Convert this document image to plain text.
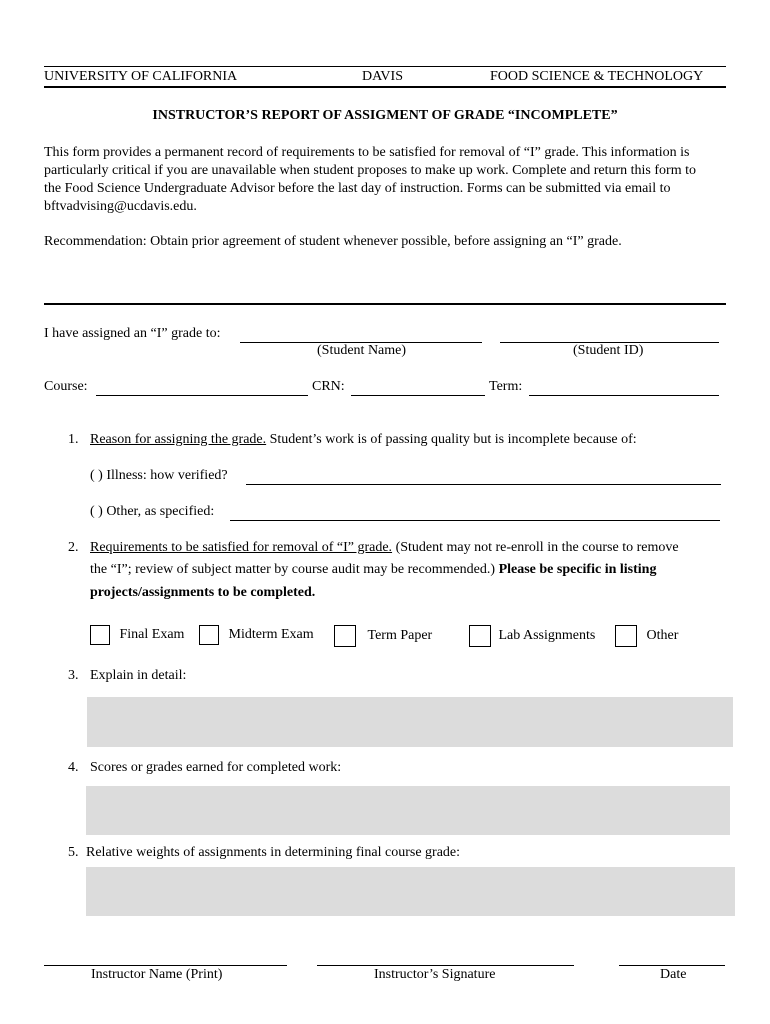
UNIVERSITY OF CALIFORNIA	DAVIS	FOOD SCIENCE & TECHNOLOGY
INSTRUCTOR’S REPORT OF ASSIGMENT OF GRADE “INCOMPLETE”
This form provides a permanent record of requirements to be satisfied for removal of “I” grade. This information is particularly critical if you are unavailable when student proposes to make up work. Complete and return this form to the Food Science Undergraduate Advisor before the last day of instruction. Forms can be submitted via email to bftvadvising@ucdavis.edu.
Recommendation: Obtain prior agreement of student whenever possible, before assigning an “I” grade.
I have assigned an “I” grade to:
(Student Name)	(Student ID)
Course:	CRN:	Term:
1. Reason for assigning the grade. Student’s work is of passing quality but is incomplete because of:
( ) Illness: how verified?
( ) Other, as specified:
2. Requirements to be satisfied for removal of “I” grade. (Student may not re-enroll in the course to remove
the “I”; review of subject matter by course audit may be recommended.) Please be specific in listing
projects/assignments to be completed.
Final Exam	Midterm Exam	Term Paper	Lab Assignments	Other
3. Explain in detail:
4. Scores or grades earned for completed work:
5. Relative weights of assignments in determining final course grade:
Instructor Name (Print)	Instructor’s Signature	Date
